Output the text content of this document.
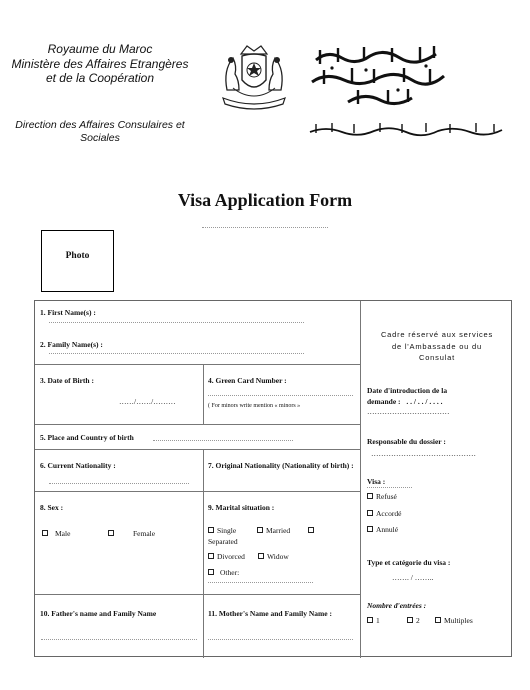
Royaume du Maroc
Ministère des Affaires Etrangères
et de la Coopération
Direction des Affaires Consulaires et
Sociales
Visa Application Form
Photo
1. First Name(s) :
2. Family Name(s) :
3. Date of Birth :
……/……/………
4. Green Card Number :
( For minors write mention « minors »
5. Place and Country of birth
6. Current Nationality :	7. Original Nationality (Nationality of birth) :
8. Sex :
Male	Female
9. Marital situation :
Single	Married
Separated
Divorced	Widow
Other:
10. Father's name and Family Name	11. Mother's Name and Family Name :
Cadre réservé aux services
de l'Ambassade ou du
Consulat
Date d'introduction de la
demande : . . / . . / . . . .
……………………………
Responsable du dossier :
……………………………………
Visa :
Refusé
Accordé
Annulé
Type et catégorie du visa :
……. / ……..
Nombre d'entrées :
1	2	Multiples
